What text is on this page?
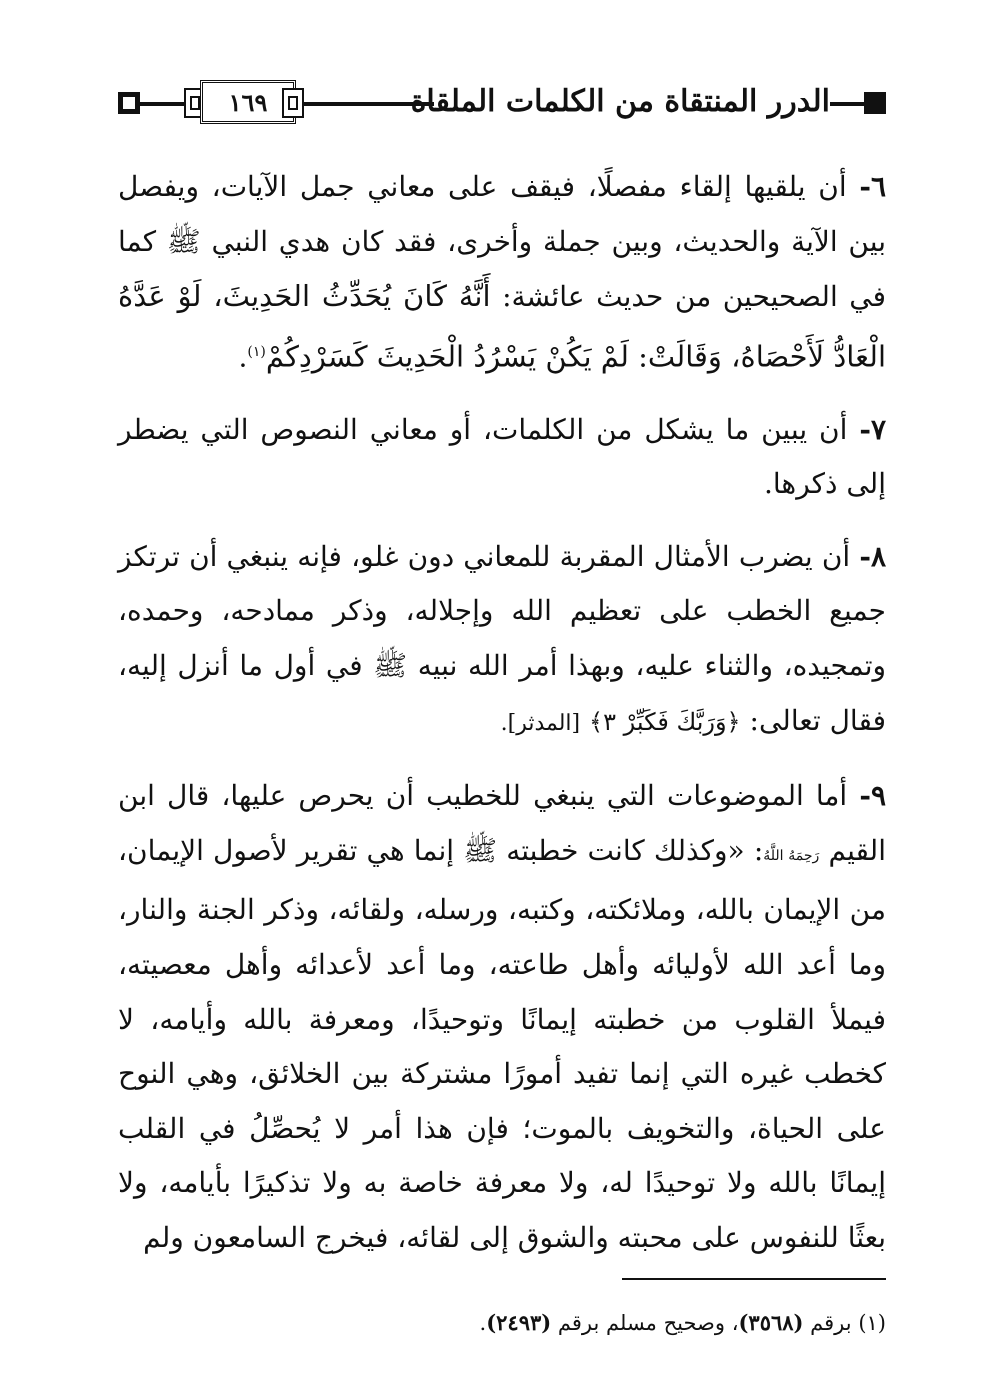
١٦٩	الدرر المنتقاة من الكلمات الملقاة

٦- أن يلقيها إلقاء مفصلًا، فيقف على معاني جمل الآيات، ويفصل بين الآية والحديث، وبين جملة وأخرى، فقد كان هدي النبي ﷺ كما في الصحيحين من حديث عائشة: أَنَّهُ كَانَ يُحَدِّثُ الحَدِيثَ، لَوْ عَدَّهُ الْعَادُّ لَأَحْصَاهُ، وَقَالَتْ: لَمْ يَكُنْ يَسْرُدُ الْحَدِيثَ كَسَرْدِكُمْ$^{(١)}$.

٧- أن يبين ما يشكل من الكلمات، أو معاني النصوص التي يضطر إلى ذكرها.

٨- أن يضرب الأمثال المقربة للمعاني دون غلو، فإنه ينبغي أن ترتكز جميع الخطب على تعظيم الله وإجلاله، وذكر ممادحه، وحمده، وتمجيده، والثناء عليه، وبهذا أمر الله نبيه ﷺ في أول ما أنزل إليه، فقال تعالى: ﴿وَرَبَّكَ فَكَبِّرْ ٣﴾ [المدثر].

٩- أما الموضوعات التي ينبغي للخطيب أن يحرص عليها، قال ابن القيم رَحِمَهُ اللَّهُ: «وكذلك كانت خطبته ﷺ إنما هي تقرير لأصول الإيمان، من الإيمان بالله، وملائكته، وكتبه، ورسله، ولقائه، وذكر الجنة والنار، وما أعد الله لأوليائه وأهل طاعته، وما أعد لأعدائه وأهل معصيته، فيملأ القلوب من خطبته إيمانًا وتوحيدًا، ومعرفة بالله وأيامه، لا كخطب غيره التي إنما تفيد أمورًا مشتركة بين الخلائق، وهي النوح على الحياة، والتخويف بالموت؛ فإن هذا أمر لا يُحصِّلُ في القلب إيمانًا بالله ولا توحيدًا له، ولا معرفة خاصة به ولا تذكيرًا بأيامه، ولا بعثًا للنفوس على محبته والشوق إلى لقائه، فيخرج السامعون ولم

(١) برقم (٣٥٦٨)، وصحيح مسلم برقم (٢٤٩٣).
